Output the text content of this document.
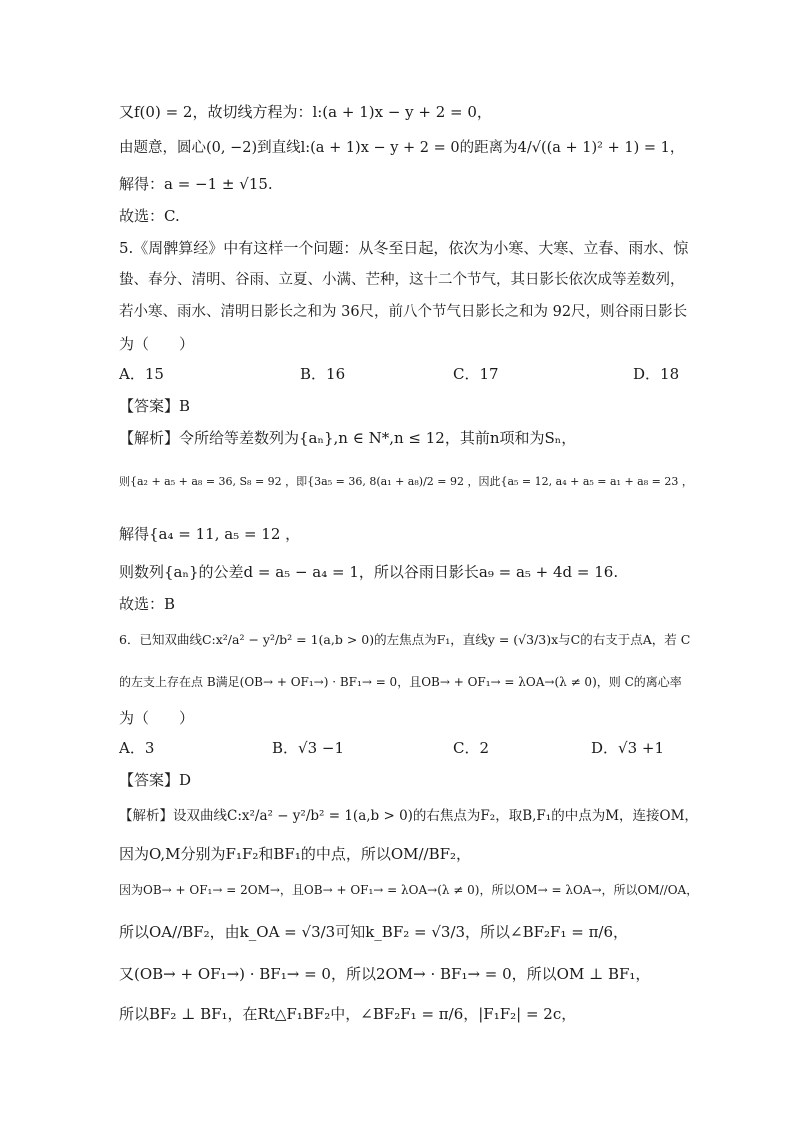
又f(0) = 2，故切线方程为：l:(a + 1)x − y + 2 = 0，
由题意，圆心(0, −2)到直线l:(a + 1)x − y + 2 = 0的距离为4/√((a + 1)² + 1) = 1，
解得：a = −1 ± √15.
故选：C.
5.《周髀算经》中有这样一个问题：从冬至日起，依次为小寒、大寒、立春、雨水、惊
蛰、春分、清明、谷雨、立夏、小满、芒种，这十二个节气，其日影长依次成等差数列，
若小寒、雨水、清明日影长之和为 36尺，前八个节气日影长之和为 92尺，则谷雨日影长
为（　　）
A．15	B．16	C．17	D．18
【答案】B
【解析】令所给等差数列为{aₙ},n ∈ N*,n ≤ 12，其前n项和为Sₙ，
则{a₂ + a₅ + a₈ = 36, S₈ = 92 ，即{3a₅ = 36, 8(a₁ + a₈)/2 = 92 ，因此{a₅ = 12, a₄ + a₅ = a₁ + a₈ = 23 ，
解得{a₄ = 11, a₅ = 12 ，
则数列{aₙ}的公差d = a₅ − a₄ = 1，所以谷雨日影长a₉ = a₅ + 4d = 16.
故选：B
6．已知双曲线C:x²/a² − y²/b² = 1(a,b > 0)的左焦点为F₁，直线y = (√3/3)x与C的右支于点A，若 C
的左支上存在点 B满足(OB→ + OF₁→) · BF₁→ = 0，且OB→ + OF₁→ = λOA→(λ ≠ 0)，则 C的离心率
为（　　）
A．3	B．√3 −1	C．2	D．√3 +1
【答案】D
【解析】设双曲线C:x²/a² − y²/b² = 1(a,b > 0)的右焦点为F₂，取B,F₁的中点为M，连接OM，
因为O,M分别为F₁F₂和BF₁的中点，所以OM//BF₂，
因为OB→ + OF₁→ = 2OM→，且OB→ + OF₁→ = λOA→(λ ≠ 0)，所以OM→ = λOA→，所以OM//OA，
所以OA//BF₂，由k_OA = √3/3可知k_BF₂ = √3/3，所以∠BF₂F₁ = π/6，
又(OB→ + OF₁→) · BF₁→ = 0，所以2OM→ · BF₁→ = 0，所以OM ⊥ BF₁，
所以BF₂ ⊥ BF₁，在Rt△F₁BF₂中，∠BF₂F₁ = π/6，|F₁F₂| = 2c，
